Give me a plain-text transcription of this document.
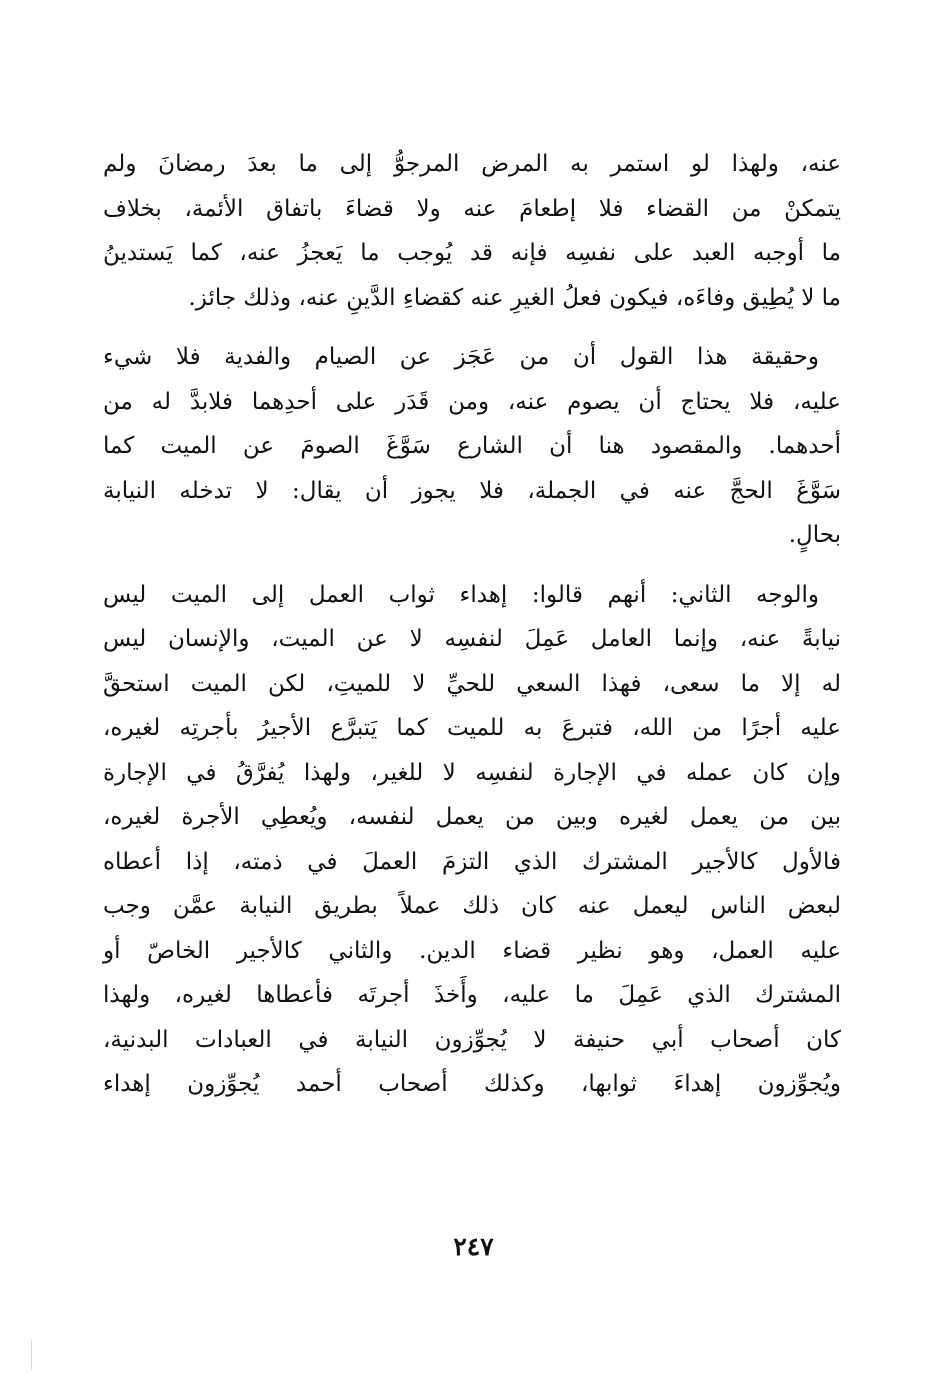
عنه، ولهذا لو استمر به المرض المرجوُّ إلى ما بعدَ رمضانَ ولم
يتمكنْ من القضاء فلا إطعامَ عنه ولا قضاءَ باتفاق الأئمة، بخلاف
ما أوجبه العبد على نفسِه فإنه قد يُوجب ما يَعجزُ عنه، كما يَستدينُ
ما لا يُطِيق وفاءَه، فيكون فعلُ الغيرِ عنه كقضاءِ الدَّينِ عنه، وذلك جائز.
وحقيقة هذا القول أن من عَجَز عن الصيام والفدية فلا شيء
عليه، فلا يحتاج أن يصوم عنه، ومن قَدَر على أحدِهما فلابدَّ له من
أحدهما. والمقصود هنا أن الشارع سَوَّغَ الصومَ عن الميت كما
سَوَّغَ الحجَّ عنه في الجملة، فلا يجوز أن يقال: لا تدخله النيابة
بحالٍ.
والوجه الثاني: أنهم قالوا: إهداء ثواب العمل إلى الميت ليس
نيابةً عنه، وإنما العامل عَمِلَ لنفسِه لا عن الميت، والإنسان ليس
له إلا ما سعى، فهذا السعي للحيِّ لا للميتِ، لكن الميت استحقَّ
عليه أجرًا من الله، فتبرعَ به للميت كما يَتبرَّع الأجيرُ بأجرتِه لغيره،
وإن كان عمله في الإجارة لنفسِه لا للغير، ولهذا يُفرَّقُ في الإجارة
بين من يعمل لغيره وبين من يعمل لنفسه، ويُعطِي الأجرة لغيره،
فالأول كالأجير المشترك الذي التزمَ العملَ في ذمته، إذا أعطاه
لبعض الناس ليعمل عنه كان ذلك عملاً بطريق النيابة عمَّن وجب
عليه العمل، وهو نظير قضاء الدين. والثاني كالأجير الخاصّ أو
المشترك الذي عَمِلَ ما عليه، وأَخذَ أجرتَه فأعطاها لغيره، ولهذا
كان أصحاب أبي حنيفة لا يُجوِّزون النيابة في العبادات البدنية،
ويُجوِّزون إهداءَ ثوابها، وكذلك أصحاب أحمد يُجوِّزون إهداء
٢٤٧
